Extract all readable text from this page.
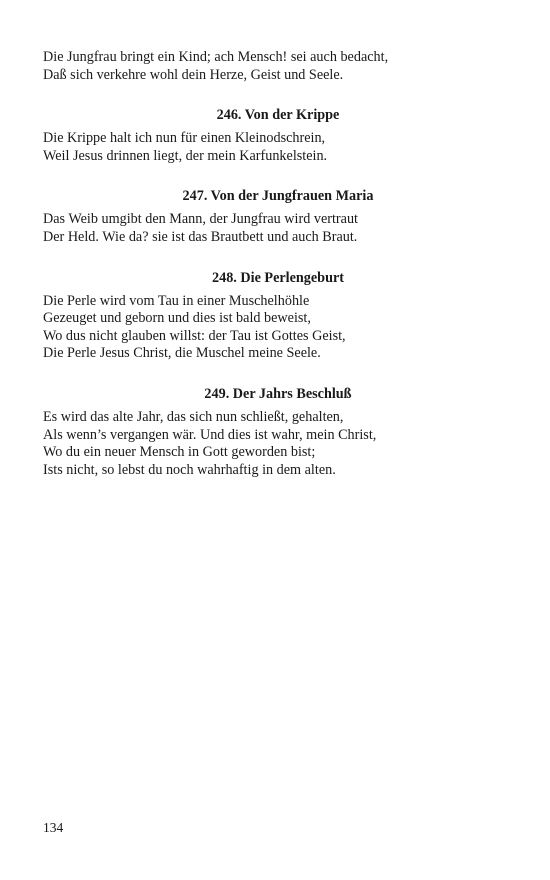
Die Jungfrau bringt ein Kind; ach Mensch! sei auch bedacht,
Daß sich verkehre wohl dein Herze, Geist und Seele.
246. Von der Krippe
Die Krippe halt ich nun für einen Kleinodschrein,
Weil Jesus drinnen liegt, der mein Karfunkelstein.
247. Von der Jungfrauen Maria
Das Weib umgibt den Mann, der Jungfrau wird vertraut
Der Held. Wie da? sie ist das Brautbett und auch Braut.
248. Die Perlengeburt
Die Perle wird vom Tau in einer Muschelhöhle
Gezeuget und geborn und dies ist bald beweist,
Wo dus nicht glauben willst: der Tau ist Gottes Geist,
Die Perle Jesus Christ, die Muschel meine Seele.
249. Der Jahrs Beschluß
Es wird das alte Jahr, das sich nun schließt, gehalten,
Als wenn’s vergangen wär. Und dies ist wahr, mein Christ,
Wo du ein neuer Mensch in Gott geworden bist;
Ists nicht, so lebst du noch wahrhaftig in dem alten.
134
